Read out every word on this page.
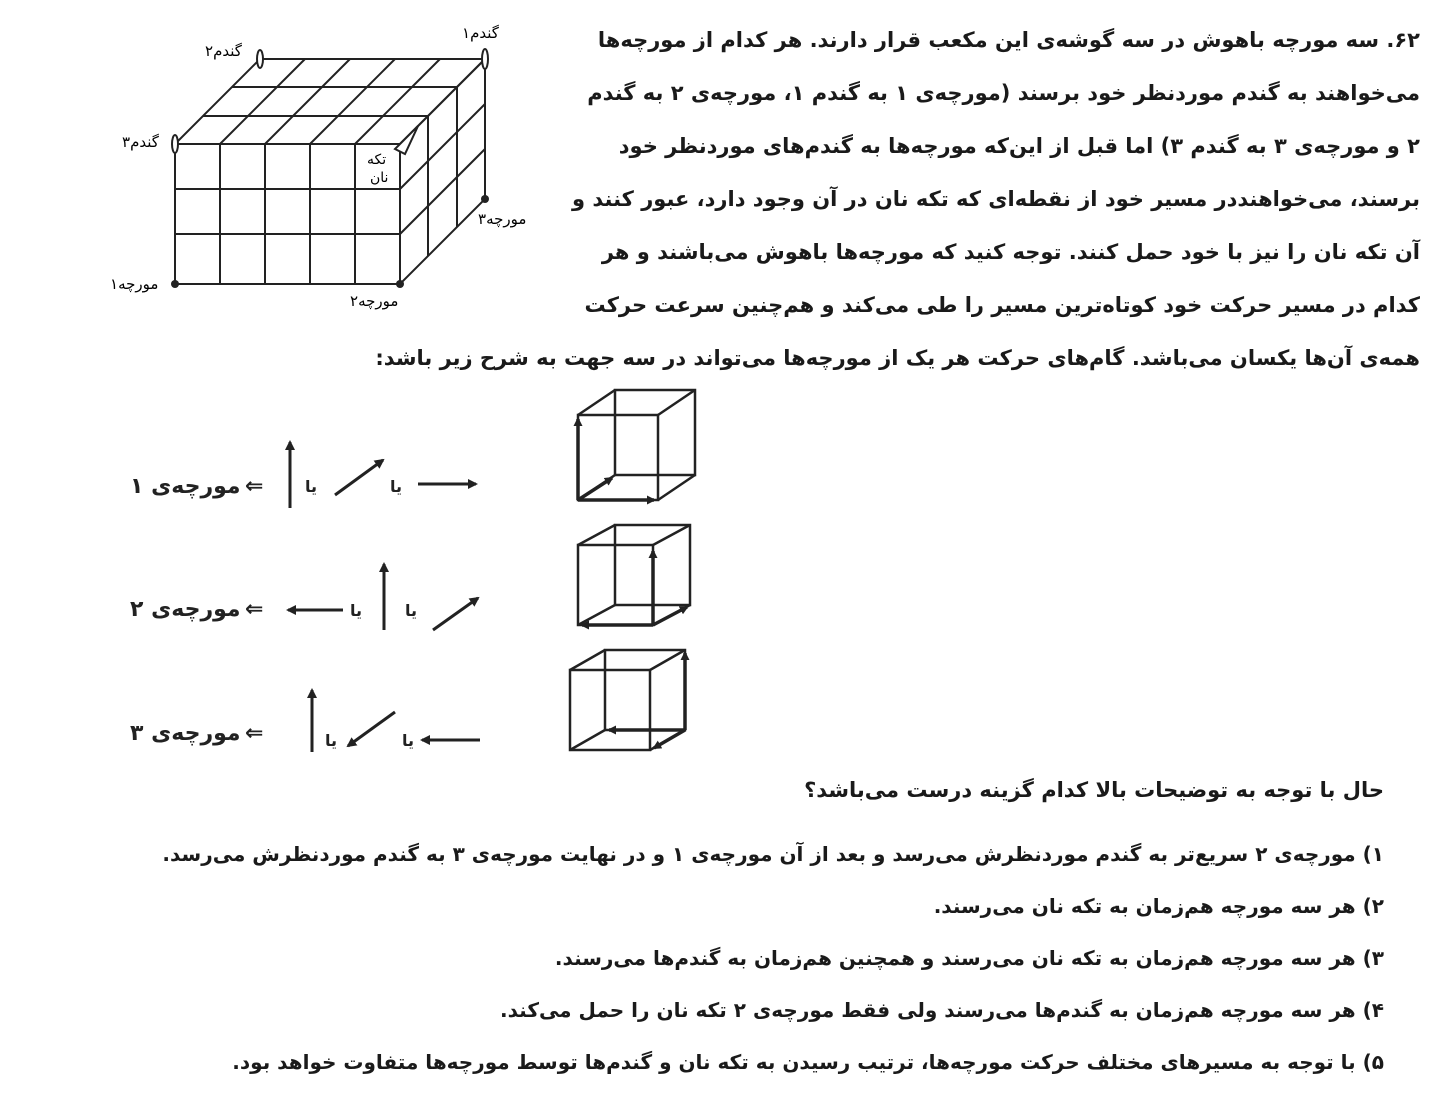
۶۲. سه مورچه باهوش در سه گوشه‌ی این مکعب قرار دارند. هر کدام از مورچه‌ها
می‌خواهند به گندم موردنظر خود برسند (مورچه‌ی ۱ به گندم ۱، مورچه‌ی ۲ به گندم
۲ و مورچه‌ی ۳ به گندم ۳) اما قبل از این‌که مورچه‌ها به گندم‌های موردنظر خود
برسند، می‌خواهنددر مسیر خود از نقطه‌ای که تکه نان در آن وجود دارد، عبور کنند و
آن تکه نان را نیز با خود حمل کنند. توجه کنید که مورچه‌ها باهوش می‌باشند و هر
کدام در مسیر حرکت خود کوتاه‌ترین مسیر را طی می‌کند و هم‌چنین سرعت حرکت
همه‌ی آن‌ها یکسان می‌باشد. گام‌های حرکت هر یک از مورچه‌ها می‌تواند در سه جهت به شرح زیر باشد:
گندم۱
گندم۲
گندم۳
تکه
نان
مورچه۳
مورچه۱
مورچه۲
مورچه‌ی ۱ ⇐	یا	یا
مورچه‌ی ۲ ⇐	یا	یا
مورچه‌ی ۳ ⇐	یا	یا
حال با توجه به توضیحات بالا کدام گزینه درست می‌باشد؟
۱) مورچه‌ی ۲ سریع‌تر به گندم موردنظرش می‌رسد و بعد از آن مورچه‌ی ۱ و در نهایت مورچه‌ی ۳ به گندم موردنظرش می‌رسد.
۲) هر سه مورچه هم‌زمان به تکه نان می‌رسند.
۳) هر سه مورچه هم‌زمان به تکه نان می‌رسند و همچنین هم‌زمان به گندم‌ها می‌رسند.
۴) هر سه مورچه هم‌زمان به گندم‌ها می‌رسند ولی فقط مورچه‌ی ۲ تکه نان را حمل می‌کند.
۵) با توجه به مسیرهای مختلف حرکت مورچه‌ها، ترتیب رسیدن به تکه نان و گندم‌ها توسط مورچه‌ها متفاوت خواهد بود.
